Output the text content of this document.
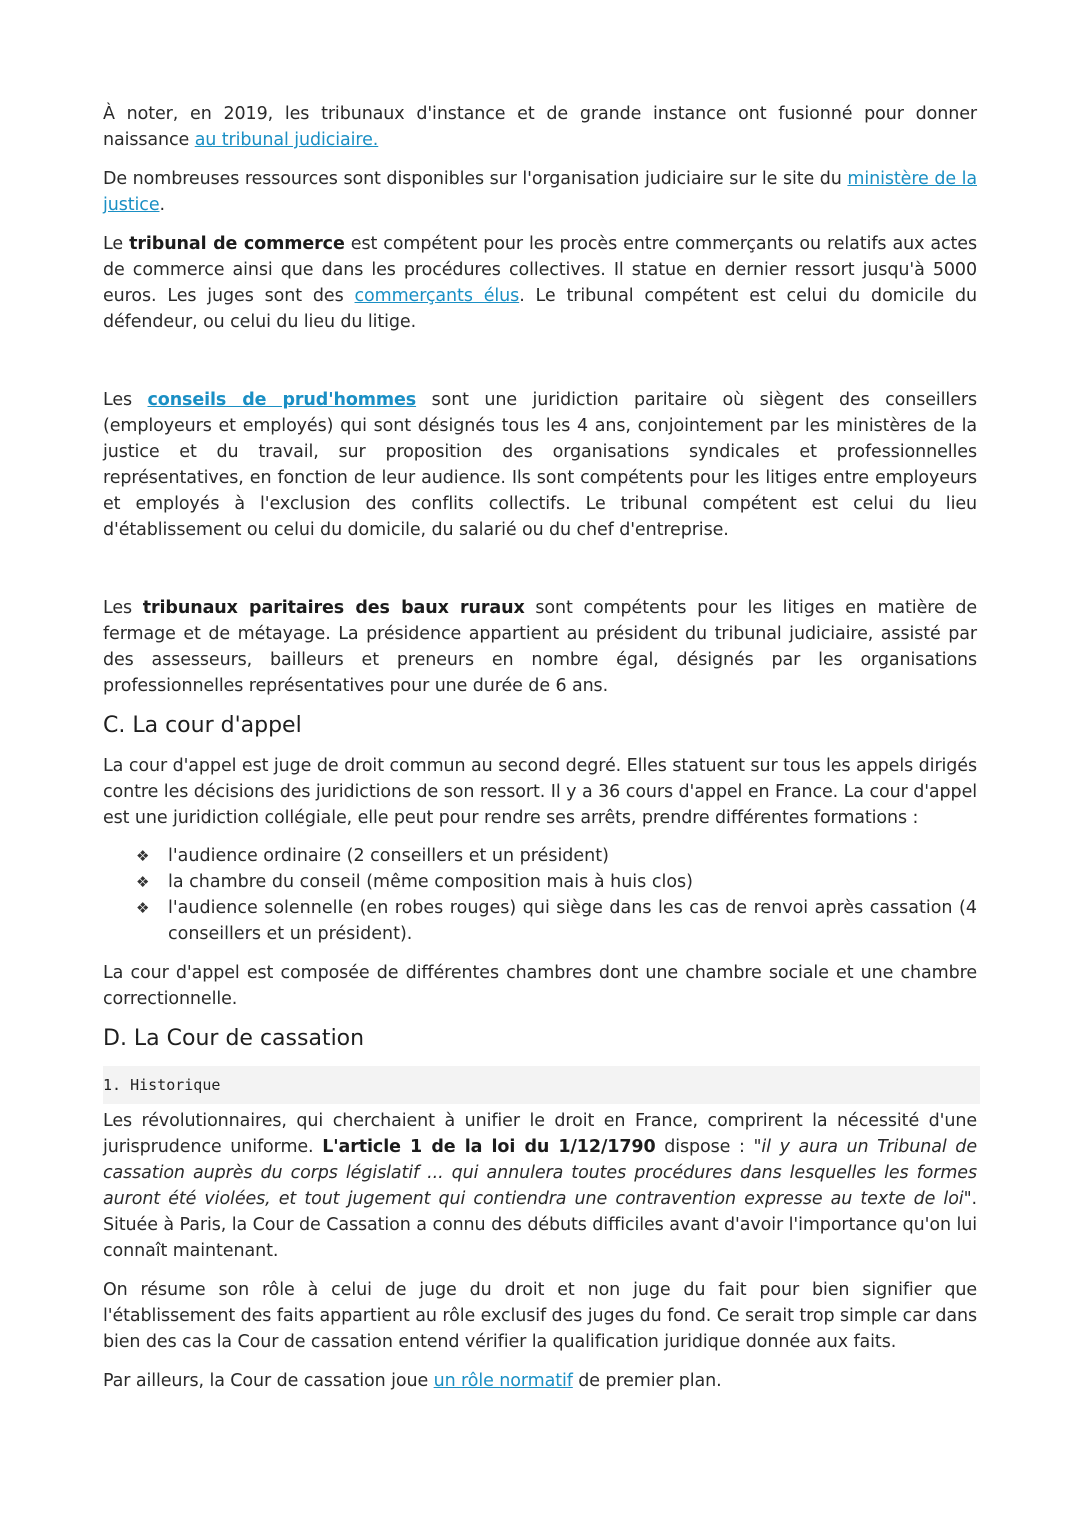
À noter, en 2019, les tribunaux d'instance et de grande instance ont fusionné pour donner naissance au tribunal judiciaire.

De nombreuses ressources sont disponibles sur l'organisation judiciaire sur le site du ministère de la justice.

Le tribunal de commerce est compétent pour les procès entre commerçants ou relatifs aux actes de commerce ainsi que dans les procédures collectives. Il statue en dernier ressort jusqu'à 5000 euros. Les juges sont des commerçants élus. Le tribunal compétent est celui du domicile du défendeur, ou celui du lieu du litige.

Les conseils de prud'hommes sont une juridiction paritaire où siègent des conseillers (employeurs et employés) qui sont désignés tous les 4 ans, conjointement par les ministères de la justice et du travail, sur proposition des organisations syndicales et professionnelles représentatives, en fonction de leur audience. Ils sont compétents pour les litiges entre employeurs et employés à l'exclusion des conflits collectifs. Le tribunal compétent est celui du lieu d'établissement ou celui du domicile, du salarié ou du chef d'entreprise.

Les tribunaux paritaires des baux ruraux sont compétents pour les litiges en matière de fermage et de métayage. La présidence appartient au président du tribunal judiciaire, assisté par des assesseurs, bailleurs et preneurs en nombre égal, désignés par les organisations professionnelles représentatives pour une durée de 6 ans.

C. La cour d'appel

La cour d'appel est juge de droit commun au second degré. Elles statuent sur tous les appels dirigés contre les décisions des juridictions de son ressort. Il y a 36 cours d'appel en France. La cour d'appel est une juridiction collégiale, elle peut pour rendre ses arrêts, prendre différentes formations :

❖ l'audience ordinaire (2 conseillers et un président)
❖ la chambre du conseil (même composition mais à huis clos)
❖ l'audience solennelle (en robes rouges) qui siège dans les cas de renvoi après cassation (4 conseillers et un président).

La cour d'appel est composée de différentes chambres dont une chambre sociale et une chambre correctionnelle.

D. La Cour de cassation
1. Historique

Les révolutionnaires, qui cherchaient à unifier le droit en France, comprirent la nécessité d'une jurisprudence uniforme. L'article 1 de la loi du 1/12/1790 dispose : "il y aura un Tribunal de cassation auprès du corps législatif ... qui annulera toutes procédures dans lesquelles les formes auront été violées, et tout jugement qui contiendra une contravention expresse au texte de loi". Située à Paris, la Cour de Cassation a connu des débuts difficiles avant d'avoir l'importance qu'on lui connaît maintenant.

On résume son rôle à celui de juge du droit et non juge du fait pour bien signifier que l'établissement des faits appartient au rôle exclusif des juges du fond. Ce serait trop simple car dans bien des cas la Cour de cassation entend vérifier la qualification juridique donnée aux faits.

Par ailleurs, la Cour de cassation joue un rôle normatif de premier plan.
